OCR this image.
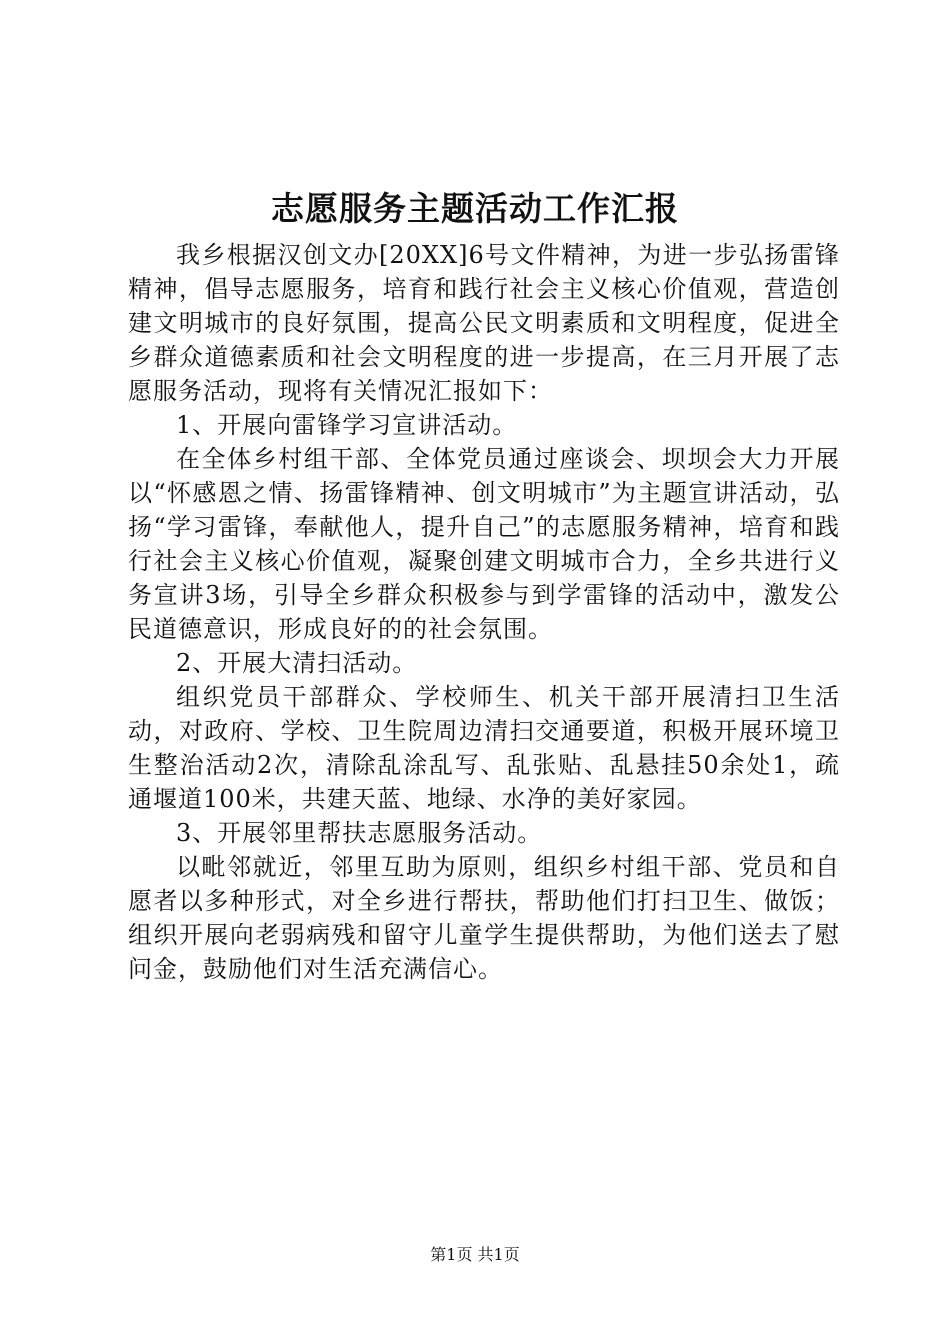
志愿服务主题活动工作汇报

我乡根据汉创文办[20XX]6号文件精神，为进一步弘扬雷锋精神，倡导志愿服务，培育和践行社会主义核心价值观，营造创建文明城市的良好氛围，提高公民文明素质和文明程度，促进全乡群众道德素质和社会文明程度的进一步提高，在三月开展了志愿服务活动，现将有关情况汇报如下：

1、开展向雷锋学习宣讲活动。

在全体乡村组干部、全体党员通过座谈会、坝坝会大力开展以“怀感恩之情、扬雷锋精神、创文明城市”为主题宣讲活动，弘扬“学习雷锋，奉献他人，提升自己”的志愿服务精神，培育和践行社会主义核心价值观，凝聚创建文明城市合力，全乡共进行义务宣讲3场，引导全乡群众积极参与到学雷锋的活动中，激发公民道德意识，形成良好的的社会氛围。

2、开展大清扫活动。

组织党员干部群众、学校师生、机关干部开展清扫卫生活动，对政府、学校、卫生院周边清扫交通要道，积极开展环境卫生整治活动2次，清除乱涂乱写、乱张贴、乱悬挂50余处1，疏通堰道100米，共建天蓝、地绿、水净的美好家园。

3、开展邻里帮扶志愿服务活动。

以毗邻就近，邻里互助为原则，组织乡村组干部、党员和自愿者以多种形式，对全乡进行帮扶，帮助他们打扫卫生、做饭；组织开展向老弱病残和留守儿童学生提供帮助，为他们送去了慰问金，鼓励他们对生活充满信心。

第1页 共1页
